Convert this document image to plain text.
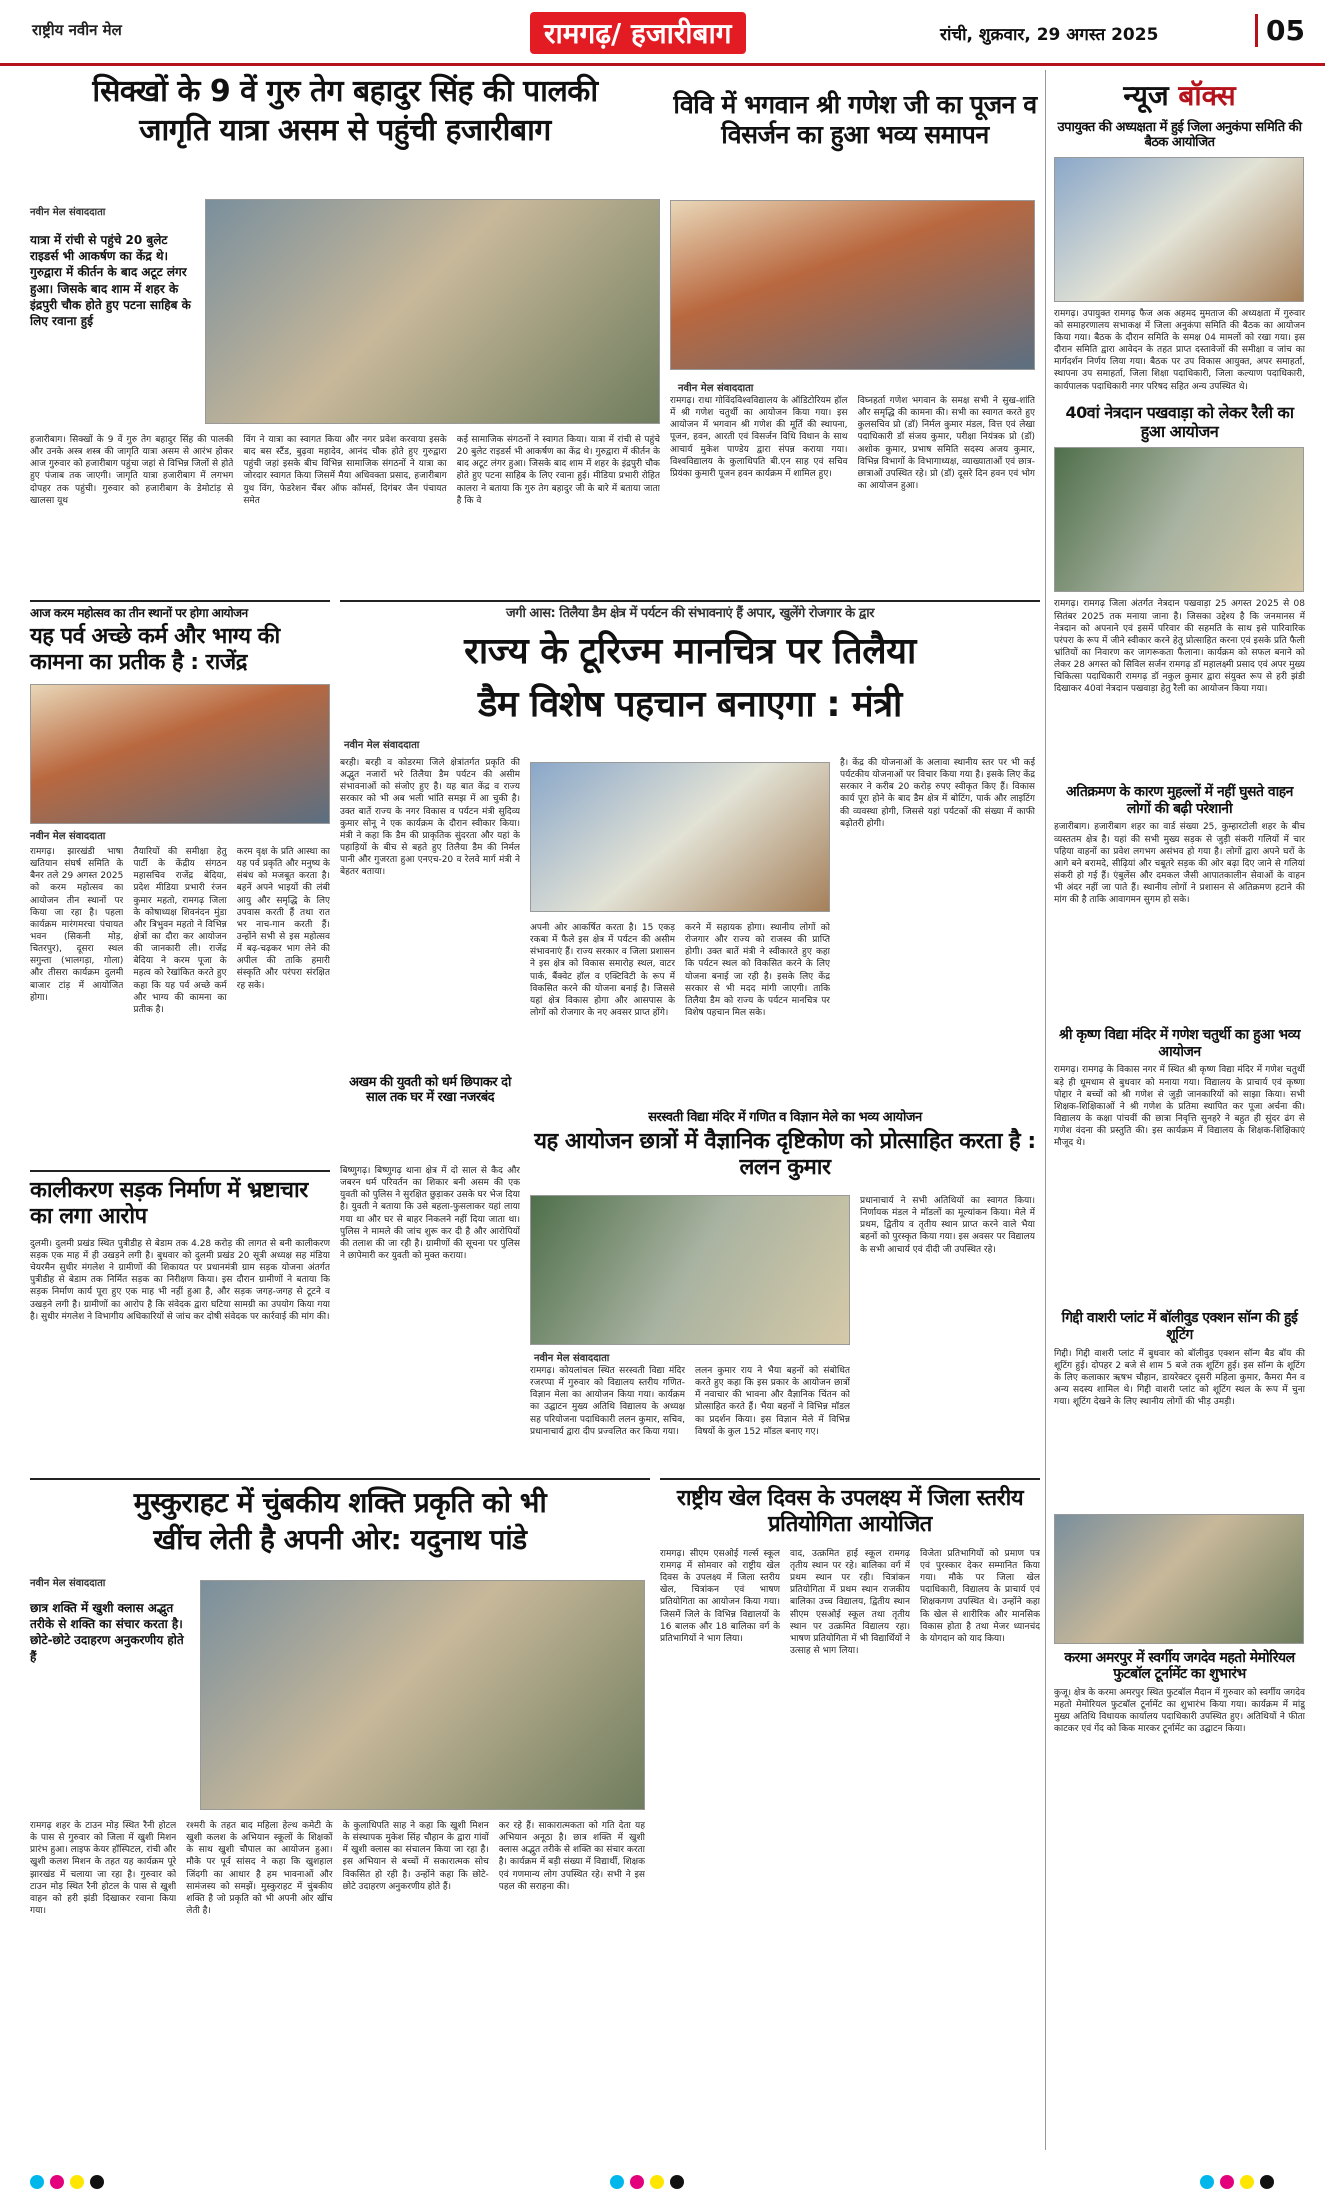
राष्ट्रीय नवीन मेल	रामगढ़/ हजारीबाग	रांची, शुक्रवार, 29 अगस्त 2025	05
सिक्खों के 9 वें गुरु तेग बहादुर सिंह की पालकी
जागृति यात्रा असम से पहुंची हजारीबाग
नवीन मेल संवाददाता
यात्रा में रांची से पहुंचे 20 बुलेट राइडर्स भी आकर्षण का केंद्र थे। गुरुद्वारा में कीर्तन के बाद अटूट लंगर हुआ। जिसके बाद शाम में शहर के इंद्रपुरी चौक होते हुए पटना साहिब के लिए रवाना हुई
हजारीबाग। सिक्खों के 9 वें गुरु तेग बहादुर सिंह की पालकी और उनके अस्त्र शस्त्र की जागृति यात्रा असम से आरंभ होकर आज गुरुवार को हजारीबाग पहुंचा जहां से विभिन्न जिलों से होते हुए पंजाब तक जाएगी। जागृति यात्रा हजारीबाग में लगभग दोपहर तक पहुंची। गुरुवार को हजारीबाग के डेमोटांड़ से खालसा यूथ
विंग ने यात्रा का स्वागत किया और नगर प्रवेश करवाया इसके बाद बस स्टैंड, बुढ़वा महादेव, आनंद चौक होते हुए गुरुद्वारा पहुंची जहां इसके बीच विभिन्न सामाजिक संगठनों ने यात्रा का जोरदार स्वागत किया जिसमें मैया अधिवक्ता प्रसाद, हजारीबाग युथ विंग, फेडरेशन चैंबर ऑफ कॉमर्स, दिगंबर जैन पंचायत समेत
कई सामाजिक संगठनों ने स्वागत किया। यात्रा में रांची से पहुंचे 20 बुलेट राइडर्स भी आकर्षण का केंद्र थे। गुरुद्वारा में कीर्तन के बाद अटूट लंगर हुआ। जिसके बाद शाम में शहर के इंद्रपुरी चौक होते हुए पटना साहिब के लिए रवाना हुई। मीडिया प्रभारी रोहित कालरा ने बताया कि गुरु तेग बहादुर जी के बारे में बताया जाता है कि वे
विवि में भगवान श्री गणेश जी का पूजन व विसर्जन का हुआ भव्य समापन
नवीन मेल संवाददाता
रामगढ़। राधा गोविंदविश्वविद्यालय के ऑडिटोरियम हॉल में श्री गणेश चतुर्थी का आयोजन किया गया। इस आयोजन में भगवान श्री गणेश की मूर्ति की स्थापना, पूजन, हवन, आरती एवं विसर्जन विधि विधान के साथ आचार्य मुकेश पाण्डेय द्वारा संपन्न कराया गया। विश्वविद्यालय के कुलाधिपति बी.एन साह एवं सचिव प्रियंका कुमारी पूजन हवन कार्यक्रम में शामिल हुए।
विघ्नहर्ता गणेश भगवान के समक्ष सभी ने सुख-शांति और समृद्धि की कामना की। सभी का स्वागत करते हुए कुलसचिव प्रो (डॉ) निर्मल कुमार मंडल, वित्त एवं लेखा पदाधिकारी डॉ संजय कुमार, परीक्षा नियंत्रक प्रो (डॉ) अशोक कुमार, प्रभाष समिति सदस्य अजय कुमार, विभिन्न विभागों के विभागाध्यक्ष, व्याख्याताओं एवं छात्र-छात्राओं उपस्थित रहे। प्रो (डॉ) दूसरे दिन हवन एवं भोग का आयोजन हुआ।
न्यूज बॉक्स
उपायुक्त की अध्यक्षता में हुई जिला अनुकंपा समिति की बैठक आयोजित
रामगढ़। उपायुक्त रामगढ़ फैज अक अहमद मुमताज की अध्यक्षता में गुरुवार को समाहरणालय सभाकक्ष में जिला अनुकंपा समिति की बैठक का आयोजन किया गया। बैठक के दौरान समिति के समक्ष 04 मामलों को रखा गया। इस दौरान समिति द्वारा आवेदन के तहत प्राप्त दस्तावेजों की समीक्षा व जांच का मार्गदर्शन निर्णय लिया गया। बैठक पर उप विकास आयुक्त, अपर समाहर्ता, स्थापना उप समाहर्ता, जिला शिक्षा पदाधिकारी, जिला कल्याण पदाधिकारी, कार्यपालक पदाधिकारी नगर परिषद सहित अन्य उपस्थित थे।
40वां नेत्रदान पखवाड़ा को लेकर रैली का हुआ आयोजन
रामगढ़। रामगढ़ जिला अंतर्गत नेत्रदान पखवाड़ा 25 अगस्त 2025 से 08 सितंबर 2025 तक मनाया जाना है। जिसका उद्देश्य है कि जनमानस में नेत्रदान को अपनाने एवं इसमें परिवार की सहमति के साथ इसे पारिवारिक परंपरा के रूप में जीने स्वीकार करने हेतु प्रोत्साहित करना एवं इसके प्रति फैली भ्रांतियों का निवारण कर जागरूकता फैलाना। कार्यक्रम को सफल बनाने को लेकर 28 अगस्त को सिविल सर्जन रामगढ़ डॉ महालक्ष्मी प्रसाद एवं अपर मुख्य चिकित्सा पदाधिकारी रामगढ़ डॉ नकुल कुमार द्वारा संयुक्त रूप से हरी झंडी दिखाकर 40वां नेत्रदान पखवाड़ा हेतु रैली का आयोजन किया गया।
अतिक्रमण के कारण मुहल्लों में नहीं घुसते वाहन लोगों की बढ़ी परेशानी
हजारीबाग। हजारीबाग शहर का वार्ड संख्या 25, कुम्हारटोली शहर के बीच व्यस्ततम क्षेत्र है। यहां की सभी मुख्य सड़क से जुड़ी संकरी गलियों में चार पहिया वाहनों का प्रवेश लगभग असंभव हो गया है। लोगों द्वारा अपने घरों के आगे बने बरामदे, सीढ़ियां और चबूतरे सड़क की ओर बढ़ा दिए जाने से गलियां संकरी हो गई हैं। एंबुलेंस और दमकल जैसी आपातकालीन सेवाओं के वाहन भी अंदर नहीं जा पाते हैं। स्थानीय लोगों ने प्रशासन से अतिक्रमण हटाने की मांग की है ताकि आवागमन सुगम हो सके।
श्री कृष्ण विद्या मंदिर में गणेश चतुर्थी का हुआ भव्य आयोजन
रामगढ़। रामगढ़ के विकास नगर में स्थित श्री कृष्ण विद्या मंदिर में गणेश चतुर्थी बड़े ही धूमधाम से बुधवार को मनाया गया। विद्यालय के प्राचार्य एवं कृष्णा पोद्दार ने बच्चों को श्री गणेश से जुड़ी जानकारियों को साझा किया। सभी शिक्षक-शिक्षिकाओं ने श्री गणेश के प्रतिमा स्थापित कर पूजा अर्चना की। विद्यालय के कक्षा पांचवीं की छात्रा निवृत्ति सुनहरे ने बहुत ही सुंदर ढंग से गणेश वंदना की प्रस्तुति की। इस कार्यक्रम में विद्यालय के शिक्षक-शिक्षिकाएं मौजूद थे।
गिद्दी वाशरी प्लांट में बॉलीवुड एक्शन सॉन्ग की हुई शूटिंग
गिद्दी। गिद्दी वाशरी प्लांट में बुधवार को बॉलीवुड एक्शन सॉन्ग बैड बॉय की शूटिंग हुई। दोपहर 2 बजे से शाम 5 बजे तक शूटिंग हुई। इस सॉन्ग के शूटिंग के लिए कलाकार ऋषभ चौहान, डायरेक्टर दूसरी महिला कुमार, कैमरा मैन व अन्य सदस्य शामिल थे। गिद्दी वाशरी प्लांट को शूटिंग स्थल के रूप में चुना गया। शूटिंग देखने के लिए स्थानीय लोगों की भीड़ उमड़ी।
करमा अमरपुर में स्वर्गीय जगदेव महतो मेमोरियल फुटबॉल टूर्नामेंट का शुभारंभ
कुजू। क्षेत्र के करमा अमरपुर स्थित फुटबॉल मैदान में गुरुवार को स्वर्गीय जगदेव महतो मेमोरियल फुटबॉल टूर्नामेंट का शुभारंभ किया गया। कार्यक्रम में मांडू मुख्य अतिथि विधायक कार्यालय पदाधिकारी उपस्थित हुए। अतिथियों ने फीता काटकर एवं गेंद को किक मारकर टूर्नामेंट का उद्घाटन किया।
आज करम महोत्सव का तीन स्थानों पर होगा आयोजन
यह पर्व अच्छे कर्म और भाग्य की कामना का प्रतीक है : राजेंद्र
नवीन मेल संवाददाता
रामगढ़। झारखंडी भाषा खतियान संघर्ष समिति के बैनर तले 29 अगस्त 2025 को करम महोत्सव का आयोजन तीन स्थानों पर किया जा रहा है। पहला कार्यक्रम मारंगमरचा पंचायत भवन (सिकनी मोड़, चितरपुर), दूसरा स्थल सगुन्ता (भालगड़ा, गोला) और तीसरा कार्यक्रम दुलमी बाजार टांड़ में आयोजित होगा।
तैयारियों की समीक्षा हेतु पार्टी के केंद्रीय संगठन महासचिव राजेंद्र बेदिया, प्रदेश मीडिया प्रभारी रंजन कुमार महतो, रामगढ़ जिला के कोषाध्यक्ष शिवनंदन मुंडा और त्रिभुवन महतो ने विभिन्न क्षेत्रों का दौरा कर आयोजन की जानकारी ली। राजेंद्र बेदिया ने करम पूजा के महत्व को रेखांकित करते हुए कहा कि यह पर्व अच्छे कर्म और भाग्य की कामना का प्रतीक है।
करम वृक्ष के प्रति आस्था का यह पर्व प्रकृति और मनुष्य के संबंध को मजबूत करता है। बहनें अपने भाइयों की लंबी आयु और समृद्धि के लिए उपवास करती हैं तथा रात भर नाच-गान करती हैं। उन्होंने सभी से इस महोत्सव में बढ़-चढ़कर भाग लेने की अपील की ताकि हमारी संस्कृति और परंपरा संरक्षित रह सके।
जगी आस: तिलैया डैम क्षेत्र में पर्यटन की संभावनाएं हैं अपार, खुलेंगे रोजगार के द्वार
राज्य के टूरिज्म मानचित्र पर तिलैया
डैम विशेष पहचान बनाएगा : मंत्री
नवीन मेल संवाददाता
बरही। बरही व कोडरमा जिले क्षेत्रांतर्गत प्रकृति की अद्भुत नजारों भरे तिलैया डैम पर्यटन की असीम संभावनाओं को संजोए हुए है। यह बात केंद्र व राज्य सरकार को भी अब भली भांति समझ में आ चुकी है। उक्त बातें राज्य के नगर विकास व पर्यटन मंत्री सुदिव्य कुमार सोनू ने एक कार्यक्रम के दौरान स्वीकार किया। मंत्री ने कहा कि डैम की प्राकृतिक सुंदरता और यहां के पहाड़ियों के बीच से बहते हुए तिलैया डैम की निर्मल पानी और गुजरता हुआ एनएच-20 व रेलवे मार्ग मंत्री ने बेहतर बताया।
अपनी ओर आकर्षित करता है। 15 एकड़ रकबा में फैले इस क्षेत्र में पर्यटन की असीम संभावनाएं हैं। राज्य सरकार व जिला प्रशासन ने इस क्षेत्र को विकास समारोह स्थल, वाटर पार्क, बैंक्वेट हॉल व एक्टिविटी के रूप में विकसित करने की योजना बनाई है। जिससे यहां क्षेत्र विकास होगा और आसपास के लोगों को रोजगार के नए अवसर प्राप्त होंगे।
करने में सहायक होगा। स्थानीय लोगों को रोजगार और राज्य को राजस्व की प्राप्ति होगी। उक्त बातें मंत्री ने स्वीकारते हुए कहा कि पर्यटन स्थल को विकसित करने के लिए योजना बनाई जा रही है। इसके लिए केंद्र सरकार से भी मदद मांगी जाएगी। ताकि तिलैया डैम को राज्य के पर्यटन मानचित्र पर विशेष पहचान मिल सके।
है। केंद्र की योजनाओं के अलावा स्थानीय स्तर पर भी कई पर्यटकीय योजनाओं पर विचार किया गया है। इसके लिए केंद्र सरकार ने करीब 20 करोड़ रुपए स्वीकृत किए हैं। विकास कार्य पूरा होने के बाद डैम क्षेत्र में बोटिंग, पार्क और लाइटिंग की व्यवस्था होगी, जिससे यहां पर्यटकों की संख्या में काफी बढ़ोतरी होगी।
अखम की युवती को धर्म छिपाकर दो साल तक घर में रखा नजरबंद
बिष्णुगढ़। बिष्णुगढ़ थाना क्षेत्र में दो साल से कैद और जबरन धर्म परिवर्तन का शिकार बनी असम की एक युवती को पुलिस ने सुरक्षित छुड़ाकर उसके घर भेज दिया है। युवती ने बताया कि उसे बहला-फुसलाकर यहां लाया गया था और घर से बाहर निकलने नहीं दिया जाता था। पुलिस ने मामले की जांच शुरू कर दी है और आरोपियों की तलाश की जा रही है। ग्रामीणों की सूचना पर पुलिस ने छापेमारी कर युवती को मुक्त कराया।
कालीकरण सड़क निर्माण में भ्रष्टाचार का लगा आरोप
दुलमी। दुलमी प्रखंड स्थित पुत्रीडीह से बेडाम तक 4.28 करोड़ की लागत से बनी कालीकरण सड़क एक माह में ही उखड़ने लगी है। बुधवार को दुलमी प्रखंड 20 सूत्री अध्यक्ष सह मंडिया चेयरमैन सुधीर मंगलेश ने ग्रामीणों की शिकायत पर प्रधानमंत्री ग्राम सड़क योजना अंतर्गत पुत्रीडीह से बेडाम तक निर्मित सड़क का निरीक्षण किया। इस दौरान ग्रामीणों ने बताया कि सड़क निर्माण कार्य पूरा हुए एक माह भी नहीं हुआ है, और सड़क जगह-जगह से टूटने व उखड़ने लगी है। ग्रामीणों का आरोप है कि संवेदक द्वारा घटिया सामग्री का उपयोग किया गया है। सुधीर मंगलेश ने विभागीय अधिकारियों से जांच कर दोषी संवेदक पर कार्रवाई की मांग की।
सरस्वती विद्या मंदिर में गणित व विज्ञान मेले का भव्य आयोजन
यह आयोजन छात्रों में वैज्ञानिक दृष्टिकोण को प्रोत्साहित करता है : ललन कुमार
नवीन मेल संवाददाता
रामगढ़। कोयलांचल स्थित सरस्वती विद्या मंदिर रजरप्पा में गुरुवार को विद्यालय स्तरीय गणित-विज्ञान मेला का आयोजन किया गया। कार्यक्रम का उद्घाटन मुख्य अतिथि विद्यालय के अध्यक्ष सह परियोजना पदाधिकारी ललन कुमार, सचिव, प्रधानाचार्य द्वारा दीप प्रज्वलित कर किया गया।
ललन कुमार राय ने भैया बहनों को संबोधित करते हुए कहा कि इस प्रकार के आयोजन छात्रों में नवाचार की भावना और वैज्ञानिक चिंतन को प्रोत्साहित करते हैं। भैया बहनों ने विभिन्न मॉडल का प्रदर्शन किया। इस विज्ञान मेले में विभिन्न विषयों के कुल 152 मॉडल बनाए गए।
प्रधानाचार्य ने सभी अतिथियों का स्वागत किया। निर्णायक मंडल ने मॉडलों का मूल्यांकन किया। मेले में प्रथम, द्वितीय व तृतीय स्थान प्राप्त करने वाले भैया बहनों को पुरस्कृत किया गया। इस अवसर पर विद्यालय के सभी आचार्य एवं दीदी जी उपस्थित रहे।
मुस्कुराहट में चुंबकीय शक्ति प्रकृति को भी
खींच लेती है अपनी ओर: यदुनाथ पांडे
नवीन मेल संवाददाता
छात्र शक्ति में खुशी क्लास अद्भुत तरीके से शक्ति का संचार करता है। छोटे-छोटे उदाहरण अनुकरणीय होते हैं
रामगढ़ शहर के टाउन मोड़ स्थित रैनी होटल के पास से गुरुवार को जिला में खुशी मिशन प्रारंभ हुआ। लाइफ केयर हॉस्पिटल, रांची और खुशी कलश मिशन के तहत यह कार्यक्रम पूरे झारखंड में चलाया जा रहा है। गुरुवार को टाउन मोड़ स्थित रैनी होटल के पास से खुशी वाहन को हरी झंडी दिखाकर रवाना किया गया।
रश्मरी के तहत बाद महिला हेल्थ कमेटी के खुशी कलश के अभियान स्कूलों के शिक्षकों के साथ खुशी चौपाल का आयोजन हुआ। मौके पर पूर्व सांसद ने कहा कि खुशहाल जिंदगी का आधार है हम भावनाओं और सामंजस्य को समझें। मुस्कुराहट में चुंबकीय शक्ति है जो प्रकृति को भी अपनी ओर खींच लेती है।
के कुलाधिपति साह ने कहा कि खुशी मिशन के संस्थापक मुकेश सिंह चौहान के द्वारा गांवों में खुशी क्लास का संचालन किया जा रहा है। इस अभियान से बच्चों में सकारात्मक सोच विकसित हो रही है। उन्होंने कहा कि छोटे-छोटे उदाहरण अनुकरणीय होते हैं।
कर रहे हैं। साकारात्मकता को गति देता यह अभियान अनूठा है। छात्र शक्ति में खुशी क्लास अद्भुत तरीके से शक्ति का संचार करता है। कार्यक्रम में बड़ी संख्या में विद्यार्थी, शिक्षक एवं गणमान्य लोग उपस्थित रहे। सभी ने इस पहल की सराहना की।
राष्ट्रीय खेल दिवस के उपलक्ष्य में जिला स्तरीय प्रतियोगिता आयोजित
रामगढ़। सीएम एसओई गर्ल्स स्कूल रामगढ़ में सोमवार को राष्ट्रीय खेल दिवस के उपलक्ष्य में जिला स्तरीय खेल, चित्रांकन एवं भाषण प्रतियोगिता का आयोजन किया गया। जिसमें जिले के विभिन्न विद्यालयों के 16 बालक और 18 बालिका वर्ग के प्रतिभागियों ने भाग लिया।
वाद, उत्क्रमित हाई स्कूल रामगढ़ तृतीय स्थान पर रहे। बालिका वर्ग में प्रथम स्थान पर रही। चित्रांकन प्रतियोगिता में प्रथम स्थान राजकीय बालिका उच्च विद्यालय, द्वितीय स्थान सीएम एसओई स्कूल तथा तृतीय स्थान पर उत्क्रमित विद्यालय रहा। भाषण प्रतियोगिता में भी विद्यार्थियों ने उत्साह से भाग लिया।
विजेता प्रतिभागियों को प्रमाण पत्र एवं पुरस्कार देकर सम्मानित किया गया। मौके पर जिला खेल पदाधिकारी, विद्यालय के प्राचार्य एवं शिक्षकगण उपस्थित थे। उन्होंने कहा कि खेल से शारीरिक और मानसिक विकास होता है तथा मेजर ध्यानचंद के योगदान को याद किया।
